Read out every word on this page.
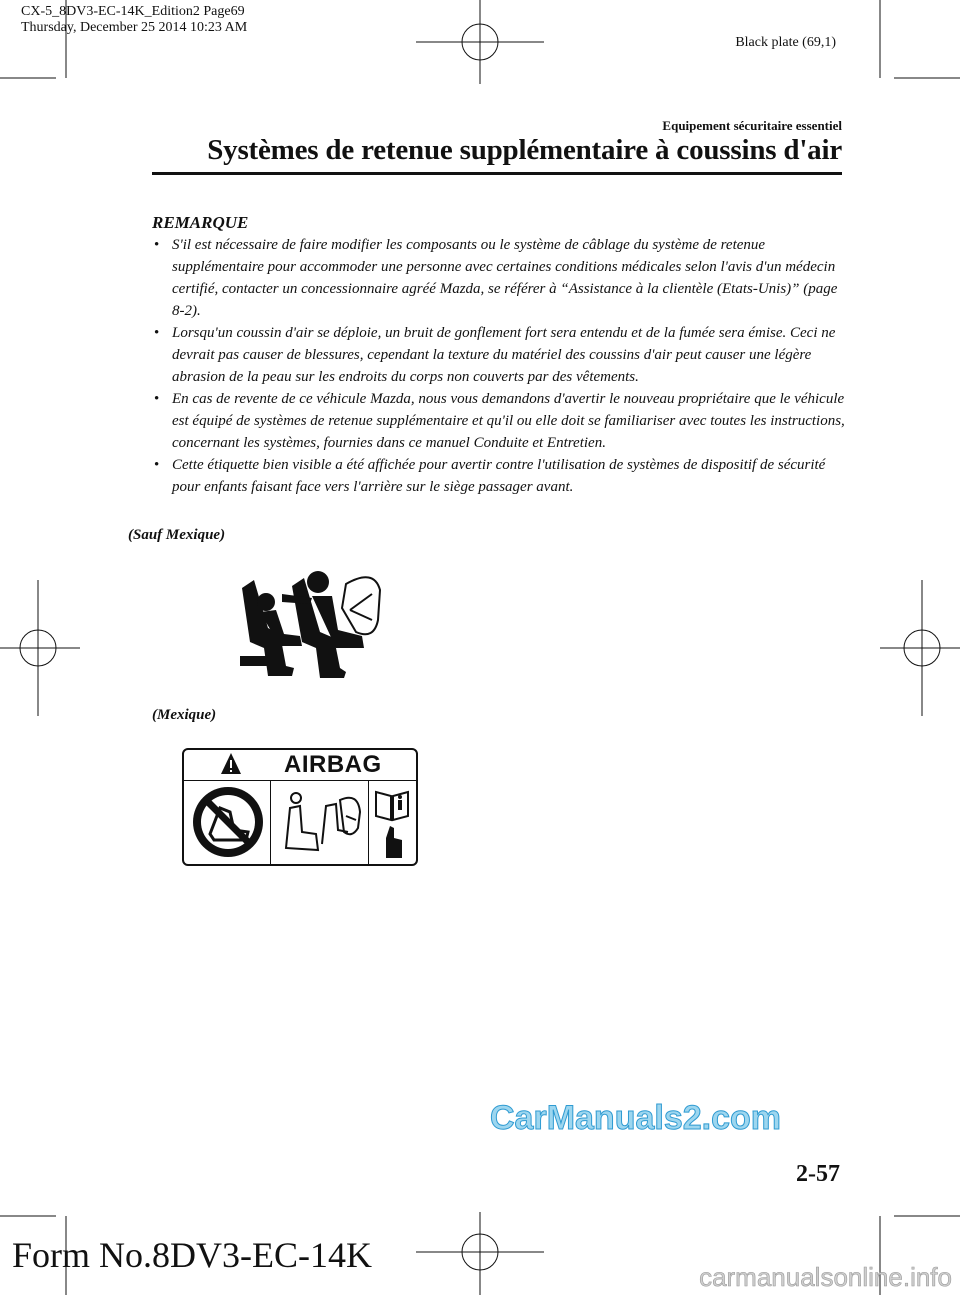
CX-5_8DV3-EC-14K_Edition2 Page69
Thursday, December 25 2014 10:23 AM
Black plate (69,1)
Equipement sécuritaire essentiel
Systèmes de retenue supplémentaire à coussins d'air
REMARQUE
• S'il est nécessaire de faire modifier les composants ou le système de câblage du système de retenue supplémentaire pour accommoder une personne avec certaines conditions médicales selon l'avis d'un médecin certifié, contacter un concessionnaire agréé Mazda, se référer à “Assistance à la clientèle (Etats-Unis)” (page 8-2).
• Lorsqu'un coussin d'air se déploie, un bruit de gonflement fort sera entendu et de la fumée sera émise. Ceci ne devrait pas causer de blessures, cependant la texture du matériel des coussins d'air peut causer une légère abrasion de la peau sur les endroits du corps non couverts par des vêtements.
• En cas de revente de ce véhicule Mazda, nous vous demandons d'avertir le nouveau propriétaire que le véhicule est équipé de systèmes de retenue supplémentaire et qu'il ou elle doit se familiariser avec toutes les instructions, concernant les systèmes, fournies dans ce manuel Conduite et Entretien.
• Cette étiquette bien visible a été affichée pour avertir contre l'utilisation de systèmes de dispositif de sécurité pour enfants faisant face vers l'arrière sur le siège passager avant.
(Sauf Mexique)
(Mexique)
AIRBAG
CarManuals2.com
carmanualsonline.info
2-57
Form No.8DV3-EC-14K
